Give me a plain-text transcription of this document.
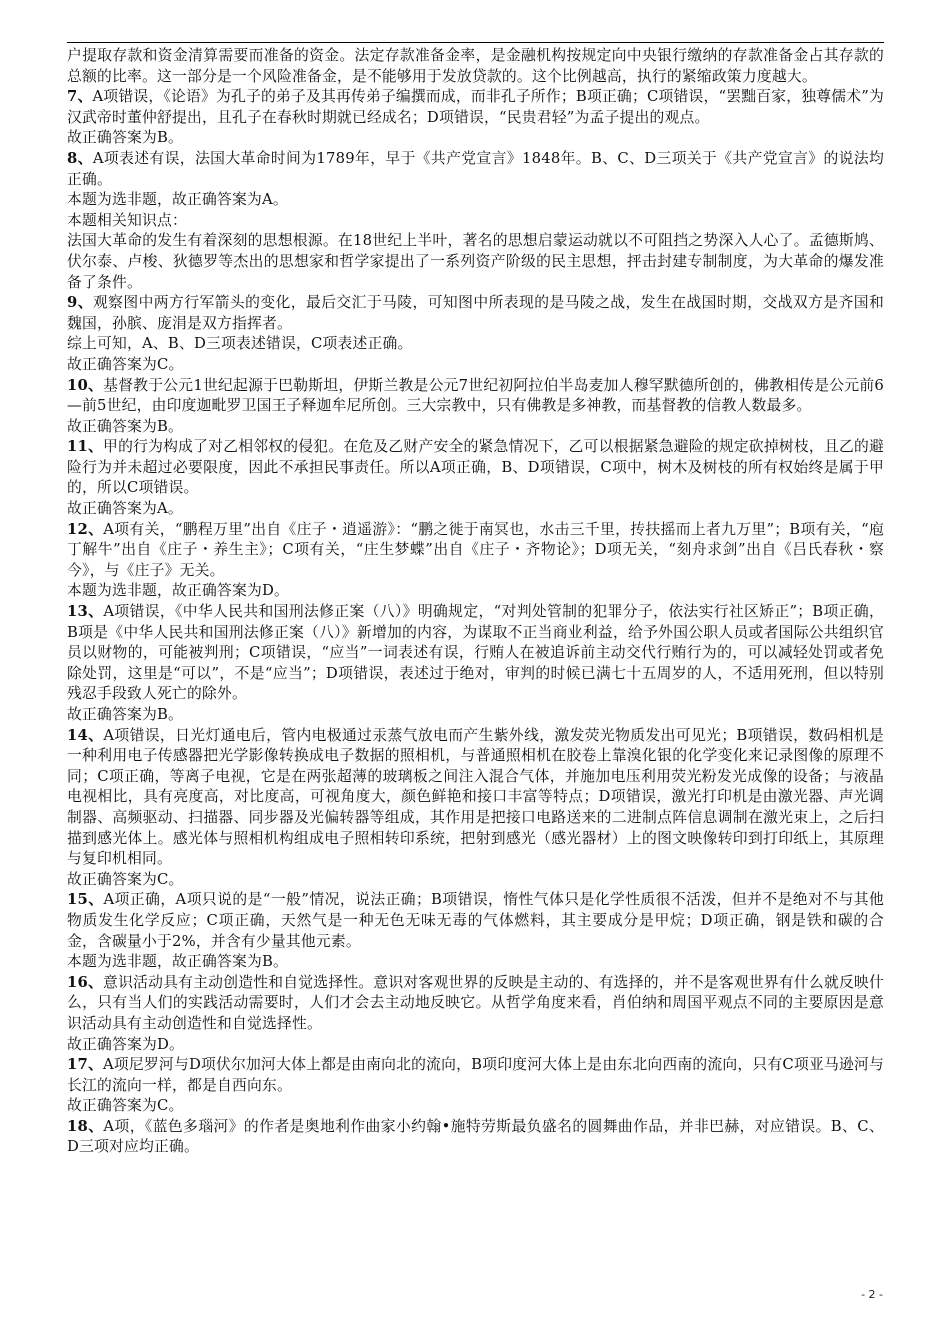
户提取存款和资金清算需要而准备的资金。法定存款准备金率，是金融机构按规定向中央银行缴纳的存款准备金占其存款的总额的比率。这一部分是一个风险准备金，是不能够用于发放贷款的。这个比例越高，执行的紧缩政策力度越大。

7、A项错误，《论语》为孔子的弟子及其再传弟子编撰而成，而非孔子所作；B项正确；C项错误，“罢黜百家，独尊儒术”为汉武帝时董仲舒提出，且孔子在春秋时期就已经成名；D项错误，“民贵君轻”为孟子提出的观点。

故正确答案为B。

8、A项表述有误，法国大革命时间为1789年，早于《共产党宣言》1848年。B、C、D三项关于《共产党宣言》的说法均正确。

本题为选非题，故正确答案为A。

本题相关知识点：

法国大革命的发生有着深刻的思想根源。在18世纪上半叶，著名的思想启蒙运动就以不可阻挡之势深入人心了。孟德斯鸠、伏尔泰、卢梭、狄德罗等杰出的思想家和哲学家提出了一系列资产阶级的民主思想，抨击封建专制制度，为大革命的爆发准备了条件。

9、观察图中两方行军箭头的变化，最后交汇于马陵，可知图中所表现的是马陵之战，发生在战国时期，交战双方是齐国和魏国，孙膑、庞涓是双方指挥者。

综上可知，A、B、D三项表述错误，C项表述正确。

故正确答案为C。

10、基督教于公元1世纪起源于巴勒斯坦，伊斯兰教是公元7世纪初阿拉伯半岛麦加人穆罕默德所创的，佛教相传是公元前6—前5世纪，由印度迦毗罗卫国王子释迦牟尼所创。三大宗教中，只有佛教是多神教，而基督教的信教人数最多。

故正确答案为B。

11、甲的行为构成了对乙相邻权的侵犯。在危及乙财产安全的紧急情况下，乙可以根据紧急避险的规定砍掉树枝，且乙的避险行为并未超过必要限度，因此不承担民事责任。所以A项正确，B、D项错误，C项中，树木及树枝的所有权始终是属于甲的，所以C项错误。

故正确答案为A。

12、A项有关，“鹏程万里”出自《庄子・逍遥游》：“鹏之徙于南冥也，水击三千里，抟扶摇而上者九万里”；B项有关，“庖丁解牛”出自《庄子・养生主》；C项有关，“庄生梦蝶”出自《庄子・齐物论》；D项无关，“刻舟求剑”出自《吕氏春秋・察今》，与《庄子》无关。

本题为选非题，故正确答案为D。

13、A项错误，《中华人民共和国刑法修正案（八）》明确规定，“对判处管制的犯罪分子，依法实行社区矫正”；B项正确，B项是《中华人民共和国刑法修正案（八）》新增加的内容，为谋取不正当商业利益，给予外国公职人员或者国际公共组织官员以财物的，可能被判刑；C项错误，“应当”一词表述有误，行贿人在被追诉前主动交代行贿行为的，可以减轻处罚或者免除处罚，这里是“可以”，不是“应当”；D项错误，表述过于绝对，审判的时候已满七十五周岁的人，不适用死刑，但以特别残忍手段致人死亡的除外。

故正确答案为B。

14、A项错误，日光灯通电后，管内电极通过汞蒸气放电而产生紫外线，激发荧光物质发出可见光；B项错误，数码相机是一种利用电子传感器把光学影像转换成电子数据的照相机，与普通照相机在胶卷上靠溴化银的化学变化来记录图像的原理不同；C项正确，等离子电视，它是在两张超薄的玻璃板之间注入混合气体，并施加电压利用荧光粉发光成像的设备；与液晶电视相比，具有亮度高，对比度高，可视角度大，颜色鲜艳和接口丰富等特点；D项错误，激光打印机是由激光器、声光调制器、高频驱动、扫描器、同步器及光偏转器等组成，其作用是把接口电路送来的二进制点阵信息调制在激光束上，之后扫描到感光体上。感光体与照相机构组成电子照相转印系统，把射到感光（感光器材）上的图文映像转印到打印纸上，其原理与复印机相同。

故正确答案为C。

15、A项正确，A项只说的是“一般”情况，说法正确；B项错误，惰性气体只是化学性质很不活泼，但并不是绝对不与其他物质发生化学反应；C项正确，天然气是一种无色无味无毒的气体燃料，其主要成分是甲烷；D项正确，钢是铁和碳的合金，含碳量小于2%，并含有少量其他元素。

本题为选非题，故正确答案为B。

16、意识活动具有主动创造性和自觉选择性。意识对客观世界的反映是主动的、有选择的，并不是客观世界有什么就反映什么，只有当人们的实践活动需要时，人们才会去主动地反映它。从哲学角度来看，肖伯纳和周国平观点不同的主要原因是意识活动具有主动创造性和自觉选择性。

故正确答案为D。

17、A项尼罗河与D项伏尔加河大体上都是由南向北的流向，B项印度河大体上是由东北向西南的流向，只有C项亚马逊河与长江的流向一样，都是自西向东。

故正确答案为C。

18、A项，《蓝色多瑙河》的作者是奥地利作曲家小约翰•施特劳斯最负盛名的圆舞曲作品，并非巴赫，对应错误。B、C、D三项对应均正确。

- 2 -
